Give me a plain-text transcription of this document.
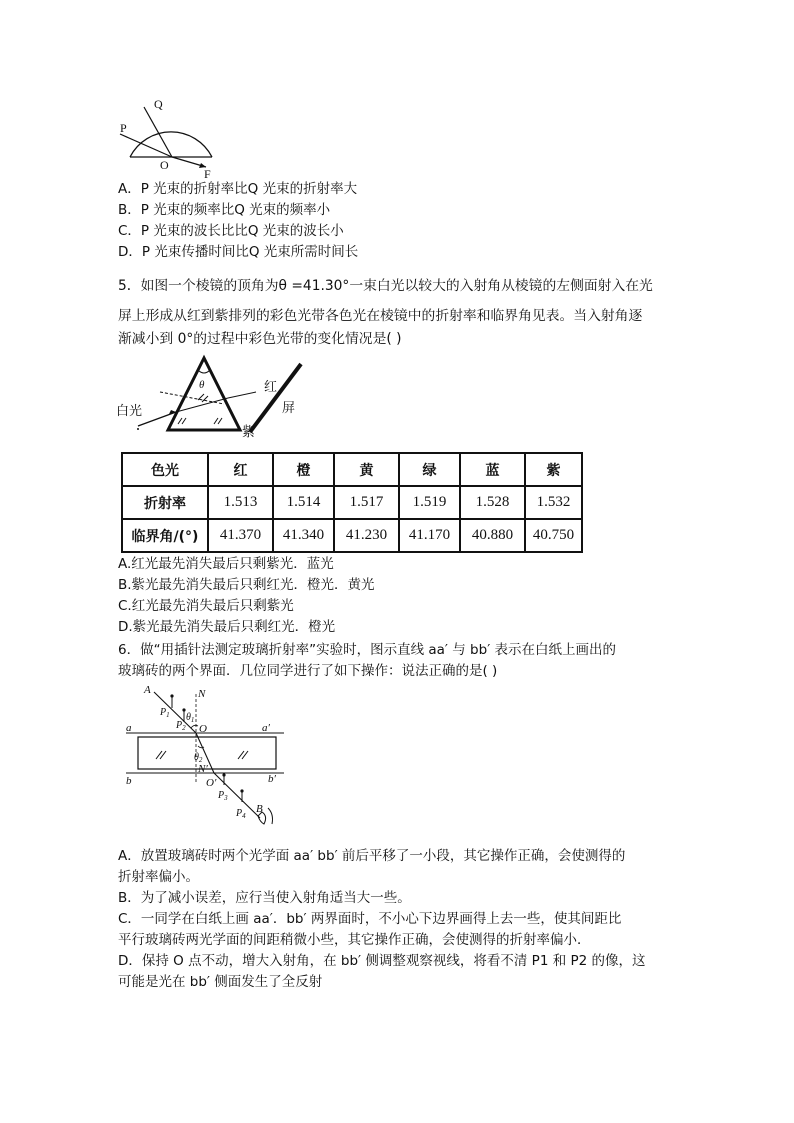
P
Q
O
F
A．P 光束的折射率比Q 光束的折射率大
B．P 光束的频率比Q 光束的频率小
C．P 光束的波长比比Q 光束的波长小
D．P 光束传播时间比Q 光束所需时间长
5．如图一个棱镜的顶角为θ =41.30°一束白光以较大的入射角从棱镜的左侧面射入在光
屏上形成从红到紫排列的彩色光带各色光在棱镜中的折射率和临界角见表。当入射角逐
渐减小到 0°的过程中彩色光带的变化情况是( )
θ
白光
红
屏
紫
色光	红	橙	黄	绿	蓝	紫
折射率	1.513	1.514	1.517	1.519	1.528	1.532
临界角/(°)	41.370	41.340	41.230	41.170	40.880	40.750
A.红光最先消失最后只剩紫光．蓝光
B.紫光最先消失最后只剩红光．橙光．黄光
C.红光最先消失最后只剩紫光
D.紫光最先消失最后只剩红光．橙光
6．做“用插针法测定玻璃折射率”实验时，图示直线 aa′ 与 bb′ 表示在白纸上画出的
玻璃砖的两个界面．几位同学进行了如下操作：说法正确的是( )
A	N
$P_1$
$P_2$
$\theta_1$
O
a	a′
$\theta_2$
N′
b	O′	b′
$P_3$
$P_4$
B
A．放置玻璃砖时两个光学面 aa′ bb′ 前后平移了一小段，其它操作正确，会使测得的
折射率偏小。
B．为了减小误差，应行当使入射角适当大一些。
C．一同学在白纸上画 aa′．bb′ 两界面时，不小心下边界画得上去一些，使其间距比
平行玻璃砖两光学面的间距稍微小些，其它操作正确，会使测得的折射率偏小．
D．保持 O 点不动，增大入射角，在 bb′ 侧调整观察视线，将看不清 P1 和 P2 的像，这
可能是光在 bb′ 侧面发生了全反射
